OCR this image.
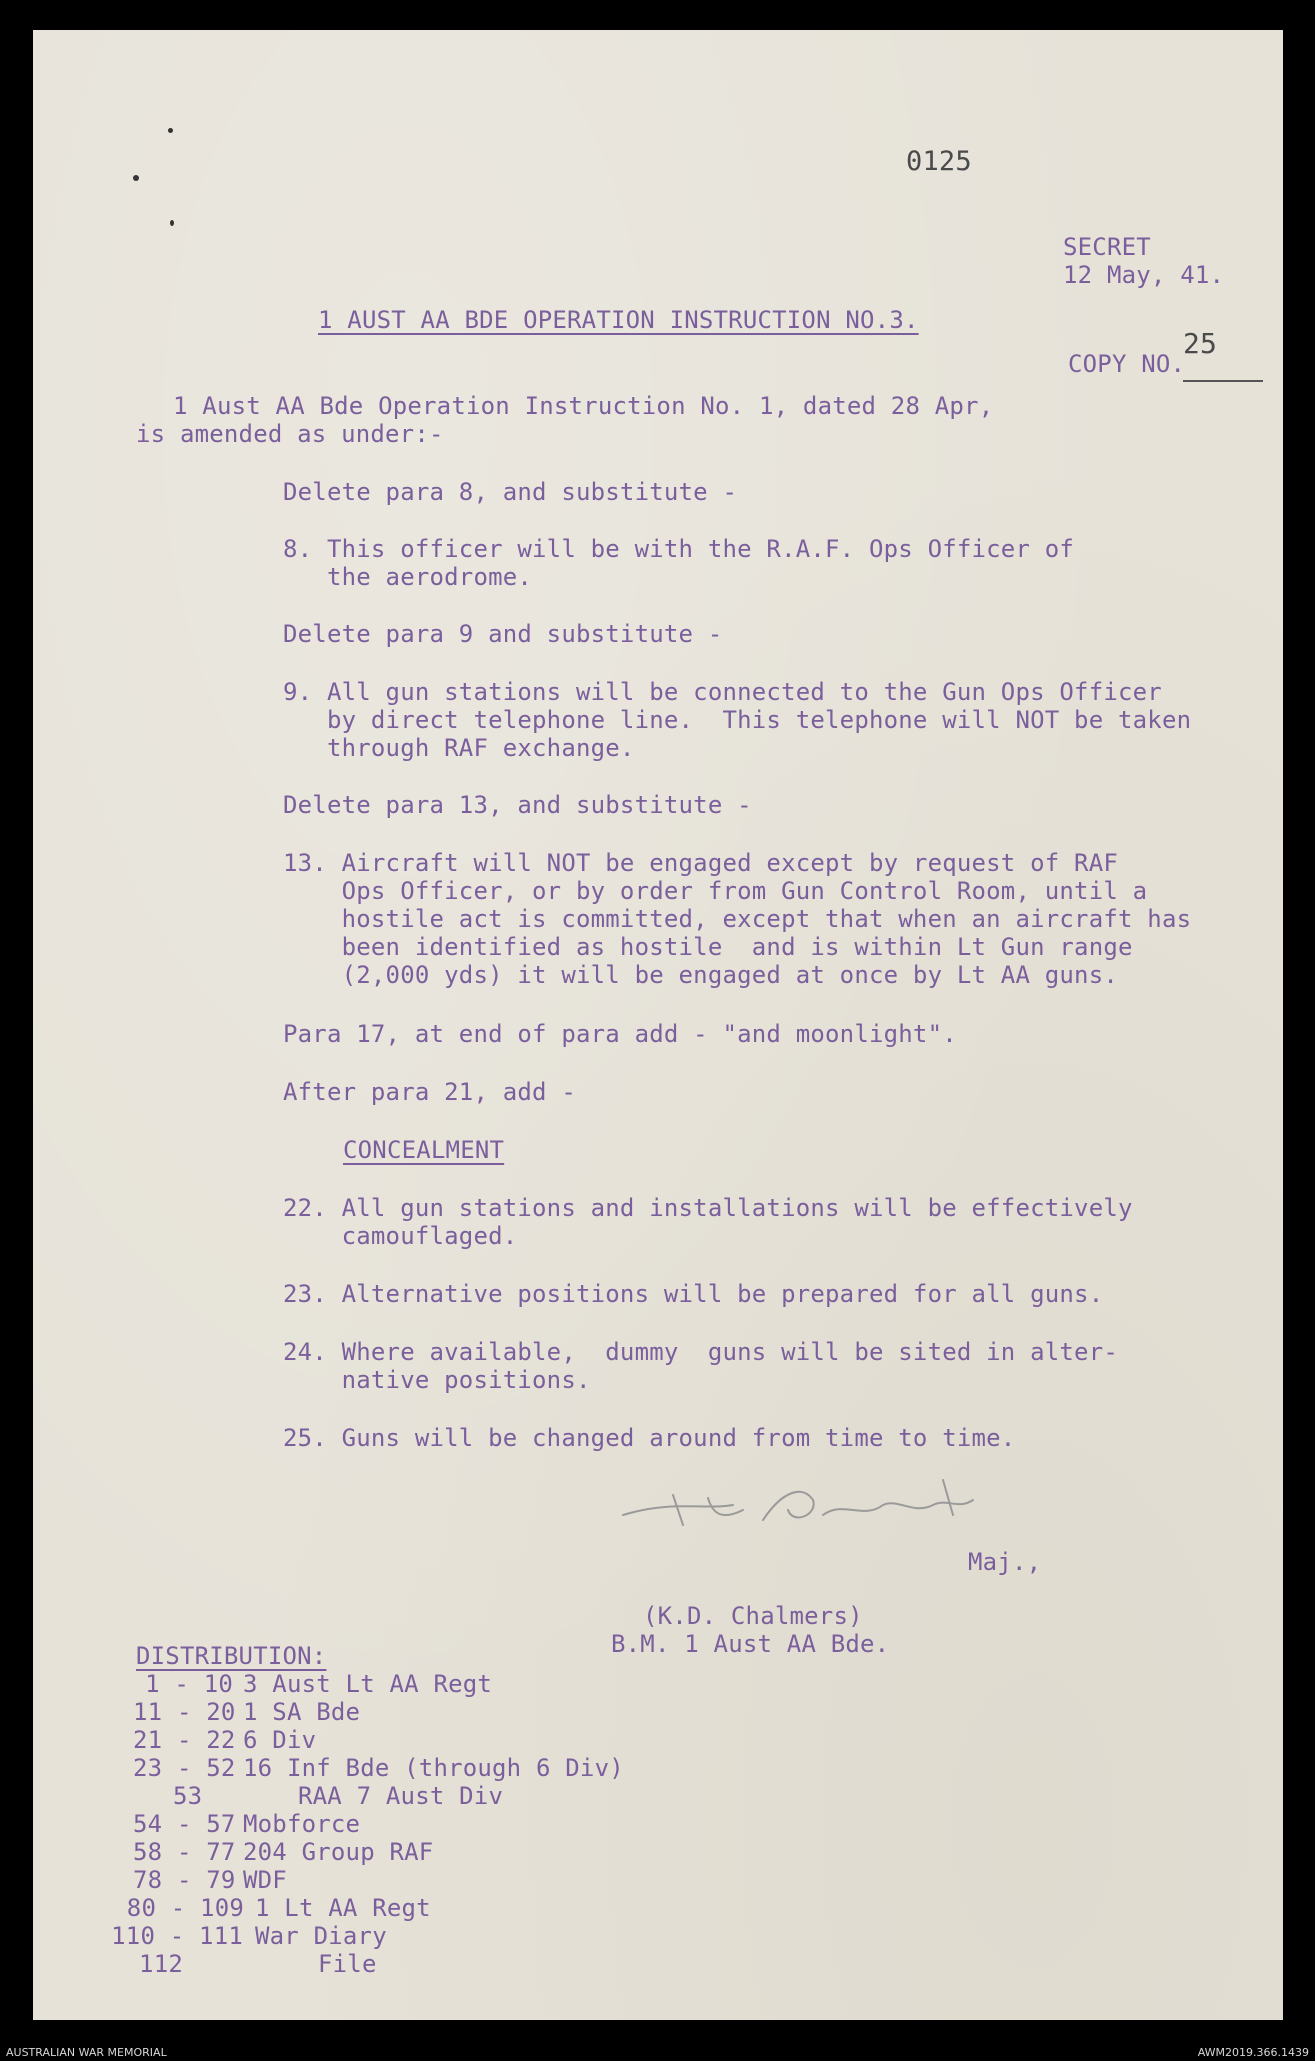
0125
SECRET
12 May, 41.
1 AUST AA BDE OPERATION INSTRUCTION NO.3.
COPY NO.
25
1 Aust AA Bde Operation Instruction No. 1, dated 28 Apr,
is amended as under:-
Delete para 8, and substitute -
8. This officer will be with the R.A.F. Ops Officer of
the aerodrome.
Delete para 9 and substitute -
9. All gun stations will be connected to the Gun Ops Officer
by direct telephone line.  This telephone will NOT be taken
through RAF exchange.
Delete para 13, and substitute -
13. Aircraft will NOT be engaged except by request of RAF
Ops Officer, or by order from Gun Control Room, until a
hostile act is committed, except that when an aircraft has
been identified as hostile  and is within Lt Gun range
(2,000 yds) it will be engaged at once by Lt AA guns.
Para 17, at end of para add - "and moonlight".
After para 21, add -
CONCEALMENT
22. All gun stations and installations will be effectively
camouflaged.
23. Alternative positions will be prepared for all guns.
24. Where available,  dummy  guns will be sited in alter-
native positions.
25. Guns will be changed around from time to time.
Maj.,
(K.D. Chalmers)
B.M. 1 Aust AA Bde.
DISTRIBUTION:
1 - 10 3 Aust Lt AA Regt
11 - 20 1 SA Bde
21 - 22 6 Div
23 - 52 16 Inf Bde (through 6 Div)
53	RAA 7 Aust Div
54 - 57 Mobforce
58 - 77 204 Group RAF
78 - 79 WDF
80 - 109 1 Lt AA Regt
110 - 111 War Diary
112	File
AUSTRALIAN WAR MEMORIAL	AWM2019.366.1439
